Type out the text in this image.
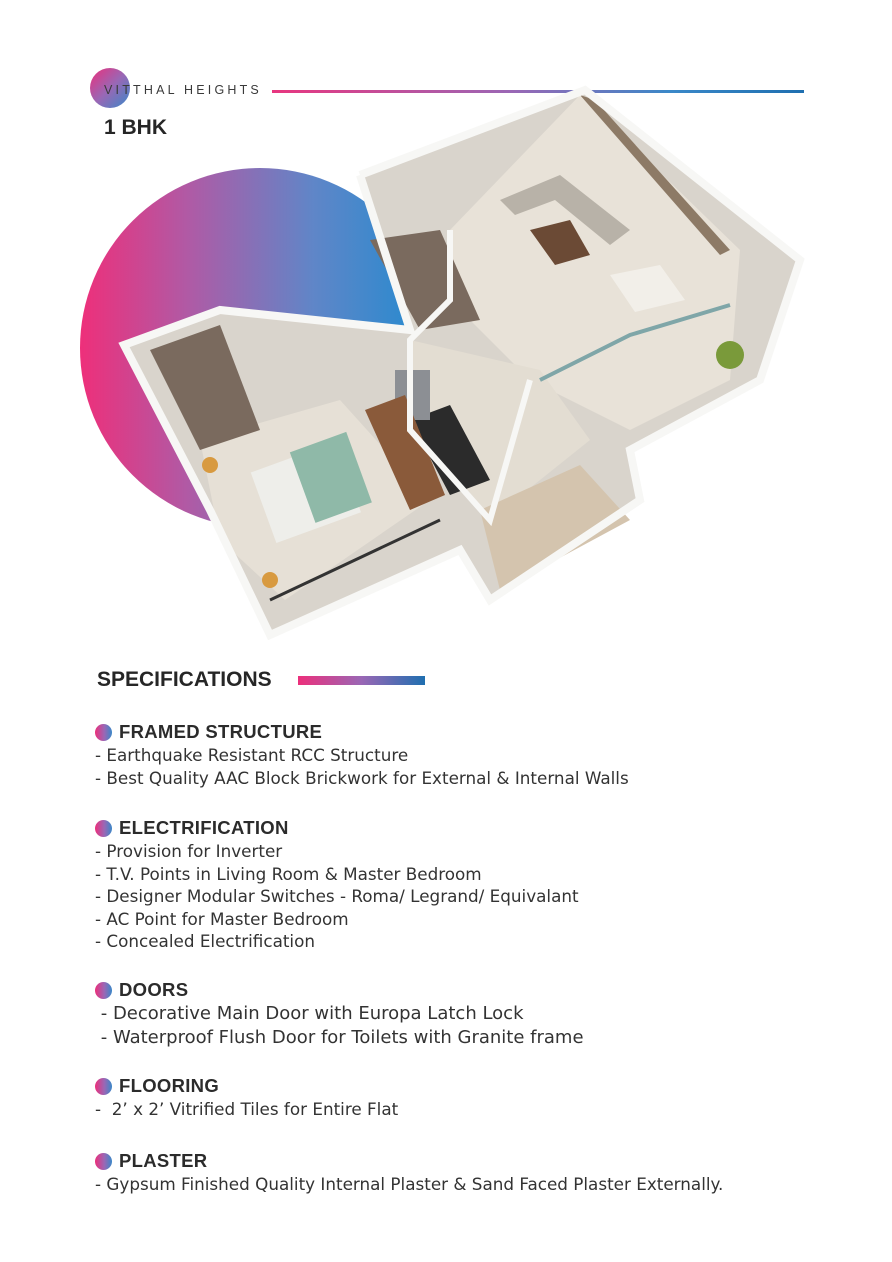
VITTHAL HEIGHTS
1 BHK
SPECIFICATIONS
FRAMED STRUCTURE
- Earthquake Resistant RCC Structure
- Best Quality AAC Block Brickwork for External & Internal Walls
ELECTRIFICATION
- Provision for Inverter
- T.V. Points in Living Room & Master Bedroom
- Designer Modular Switches - Roma/ Legrand/ Equivalant
- AC Point for Master Bedroom
- Concealed Electrification
DOORS
- Decorative Main Door with Europa Latch Lock
- Waterproof Flush Door for Toilets with Granite frame
FLOORING
-  2’ x 2’ Vitrified Tiles for Entire Flat
PLASTER
- Gypsum Finished Quality Internal Plaster & Sand Faced Plaster Externally.
